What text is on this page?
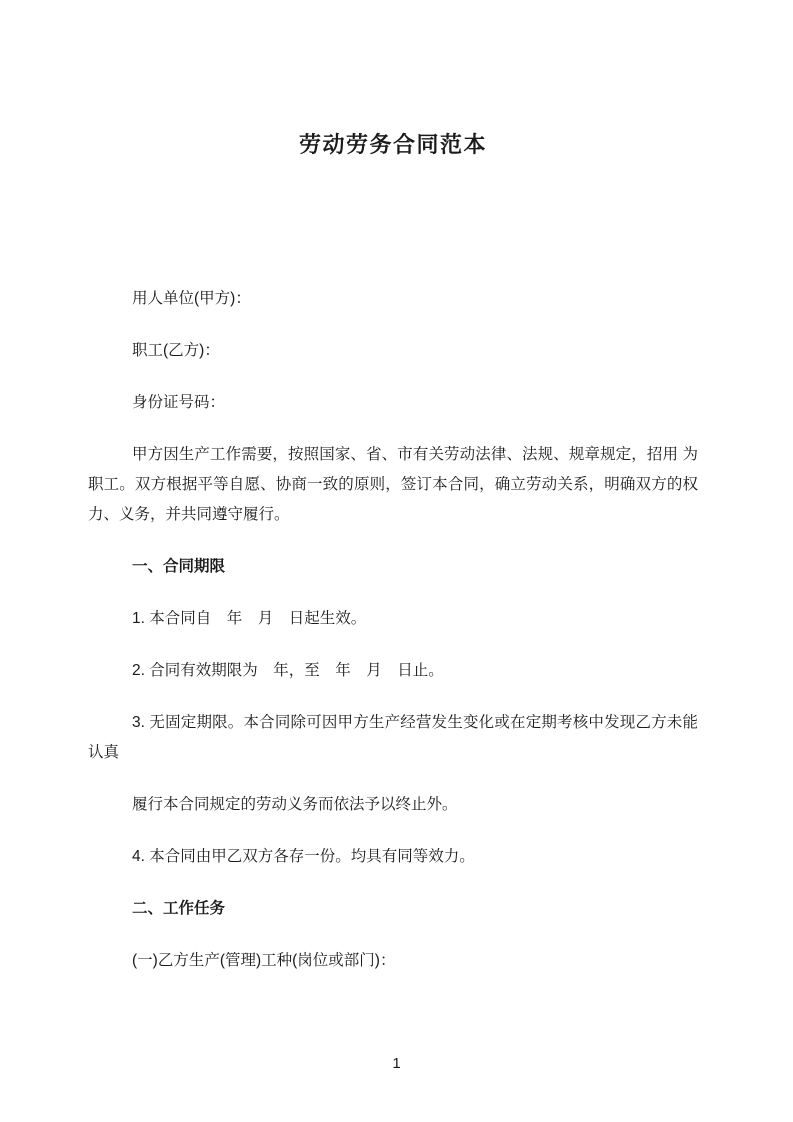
劳动劳务合同范本

用人单位(甲方)：

职工(乙方)：

身份证号码：

甲方因生产工作需要，按照国家、省、市有关劳动法律、法规、规章规定，招用 为职工。双方根据平等自愿、协商一致的原则，签订本合同，确立劳动关系，明确双方的权力、义务，并共同遵守履行。

一、合同期限

1. 本合同自　年　月　日起生效。

2. 合同有效期限为　年，至　年　月　日止。

3. 无固定期限。本合同除可因甲方生产经营发生变化或在定期考核中发现乙方未能认真

履行本合同规定的劳动义务而依法予以终止外。

4. 本合同由甲乙双方各存一份。均具有同等效力。

二、工作任务

(一)乙方生产(管理)工种(岗位或部门)：

1
